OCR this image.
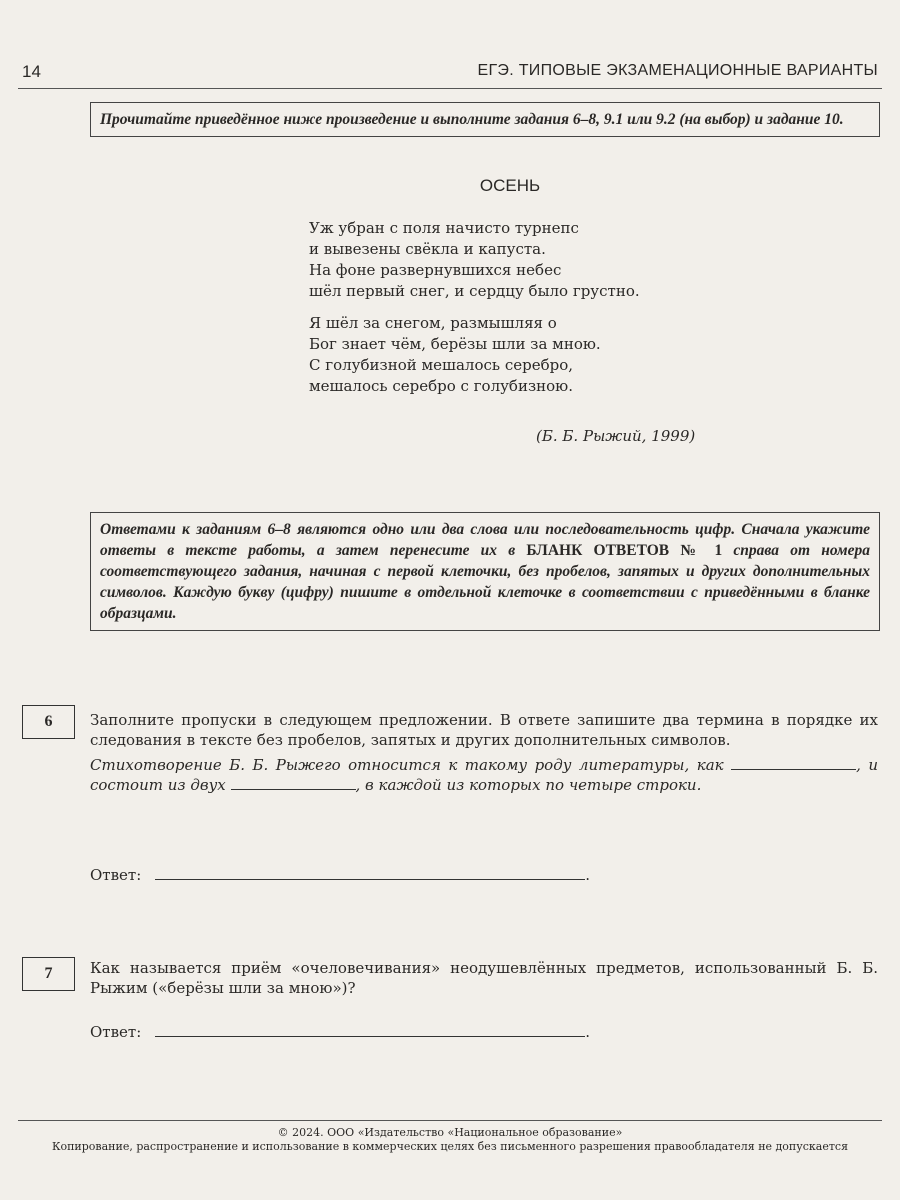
14	ЕГЭ. ТИПОВЫЕ ЭКЗАМЕНАЦИОННЫЕ ВАРИАНТЫ
Прочитайте приведённое ниже произведение и выполните задания 6–8, 9.1 или 9.2 (на выбор) и задание 10.
ОСЕНЬ
Уж убран с поля начисто турнепс
и вывезены свёкла и капуста.
На фоне развернувшихся небес
шёл первый снег, и сердцу было грустно.
Я шёл за снегом, размышляя о
Бог знает чём, берёзы шли за мною.
С голубизной мешалось серебро,
мешалось серебро с голубизною.
(Б. Б. Рыжий, 1999)
Ответами к заданиям 6–8 являются одно или два слова или последовательность цифр. Сначала укажите ответы в тексте работы, а затем перенесите их в БЛАНК ОТВЕТОВ № 1 справа от номера соответствующего задания, начиная с первой клеточки, без пробелов, запятых и других дополнительных символов. Каждую букву (цифру) пишите в отдельной клеточке в соответствии с приведёнными в бланке образцами.
6	Заполните пропуски в следующем предложении. В ответе запишите два термина в порядке их следования в тексте без пробелов, запятых и других дополнительных символов.

Стихотворение Б. Б. Рыжего относится к такому роду литературы, как	, и состоит из двух	, в каждой из которых по четыре строки.

Ответ:	.
7	Как называется приём «очеловечивания» неодушевлённых предметов, использованный Б. Б. Рыжим («берёзы шли за мною»)?

Ответ:	.
© 2024. ООО «Издательство «Национальное образование»
Копирование, распространение и использование в коммерческих целях без письменного разрешения правообладателя не допускается
